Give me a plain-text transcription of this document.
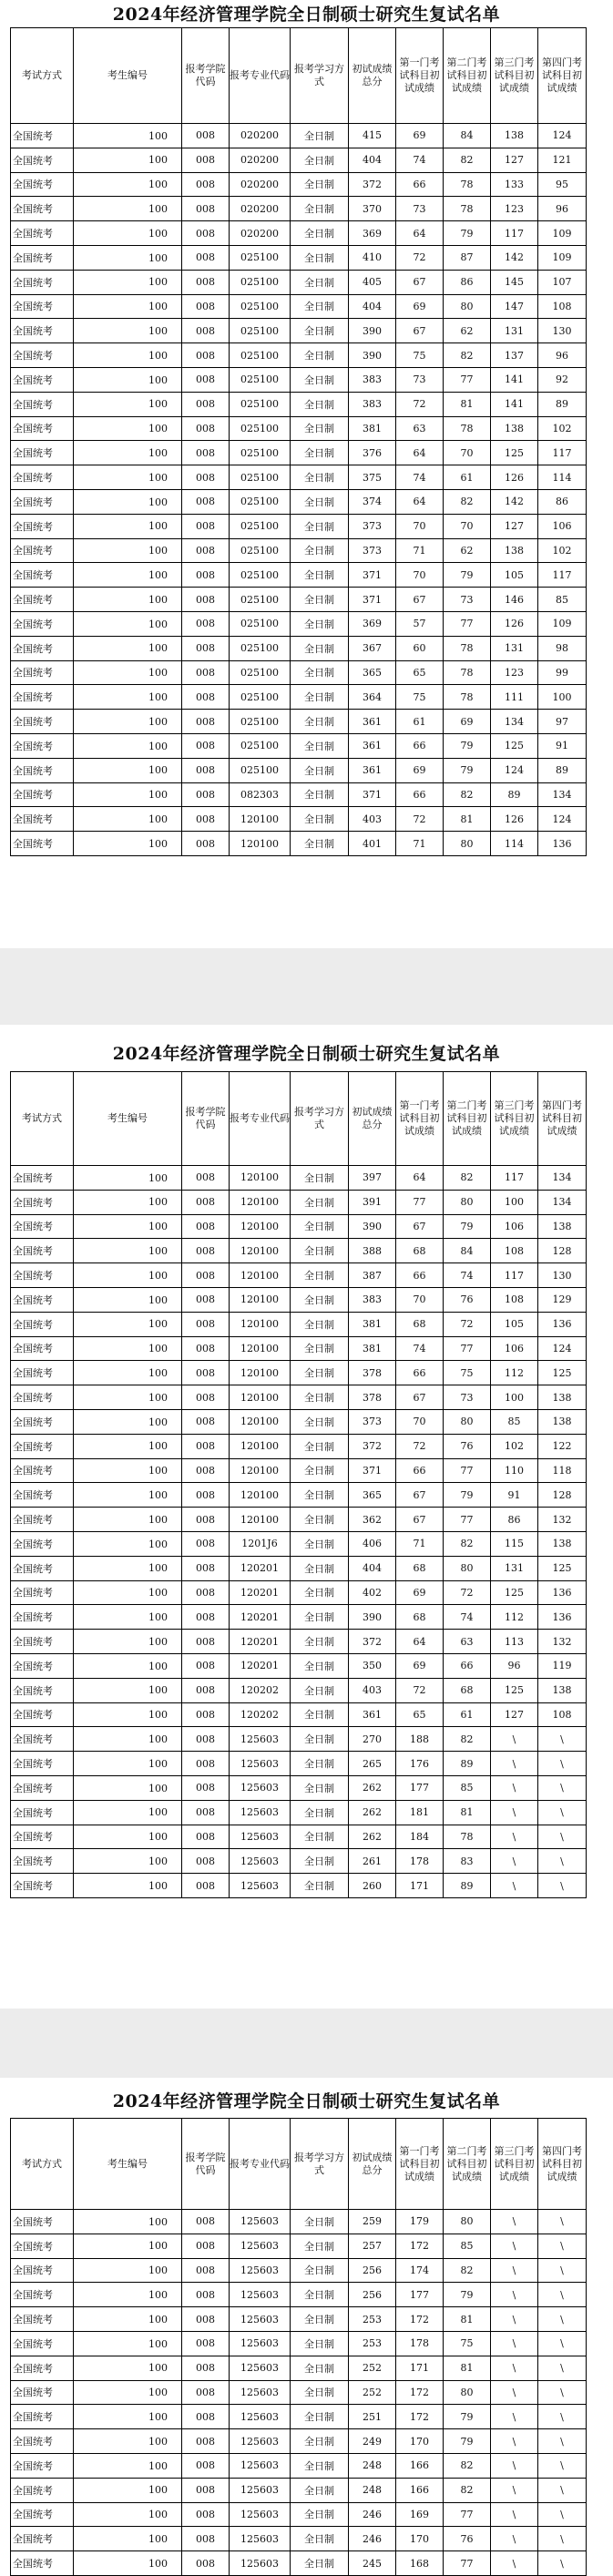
2024年经济管理学院全日制硕士研究生复试名单
考试方式	考生编号	报考学院代码	报考专业代码	报考学习方式	初试成绩总分	第一门考试科目初试成绩	第二门考试科目初试成绩	第三门考试科目初试成绩	第四门考试科目初试成绩
全国统考	100	008	020200	全日制	415	69	84	138	124
全国统考	100	008	020200	全日制	404	74	82	127	121
全国统考	100	008	020200	全日制	372	66	78	133	95
全国统考	100	008	020200	全日制	370	73	78	123	96
全国统考	100	008	020200	全日制	369	64	79	117	109
全国统考	100	008	025100	全日制	410	72	87	142	109
全国统考	100	008	025100	全日制	405	67	86	145	107
全国统考	100	008	025100	全日制	404	69	80	147	108
全国统考	100	008	025100	全日制	390	67	62	131	130
全国统考	100	008	025100	全日制	390	75	82	137	96
全国统考	100	008	025100	全日制	383	73	77	141	92
全国统考	100	008	025100	全日制	383	72	81	141	89
全国统考	100	008	025100	全日制	381	63	78	138	102
全国统考	100	008	025100	全日制	376	64	70	125	117
全国统考	100	008	025100	全日制	375	74	61	126	114
全国统考	100	008	025100	全日制	374	64	82	142	86
全国统考	100	008	025100	全日制	373	70	70	127	106
全国统考	100	008	025100	全日制	373	71	62	138	102
全国统考	100	008	025100	全日制	371	70	79	105	117
全国统考	100	008	025100	全日制	371	67	73	146	85
全国统考	100	008	025100	全日制	369	57	77	126	109
全国统考	100	008	025100	全日制	367	60	78	131	98
全国统考	100	008	025100	全日制	365	65	78	123	99
全国统考	100	008	025100	全日制	364	75	78	111	100
全国统考	100	008	025100	全日制	361	61	69	134	97
全国统考	100	008	025100	全日制	361	66	79	125	91
全国统考	100	008	025100	全日制	361	69	79	124	89
全国统考	100	008	082303	全日制	371	66	82	89	134
全国统考	100	008	120100	全日制	403	72	81	126	124
全国统考	100	008	120100	全日制	401	71	80	114	136
2024年经济管理学院全日制硕士研究生复试名单
考试方式	考生编号	报考学院代码	报考专业代码	报考学习方式	初试成绩总分	第一门考试科目初试成绩	第二门考试科目初试成绩	第三门考试科目初试成绩	第四门考试科目初试成绩
全国统考	100	008	120100	全日制	397	64	82	117	134
全国统考	100	008	120100	全日制	391	77	80	100	134
全国统考	100	008	120100	全日制	390	67	79	106	138
全国统考	100	008	120100	全日制	388	68	84	108	128
全国统考	100	008	120100	全日制	387	66	74	117	130
全国统考	100	008	120100	全日制	383	70	76	108	129
全国统考	100	008	120100	全日制	381	68	72	105	136
全国统考	100	008	120100	全日制	381	74	77	106	124
全国统考	100	008	120100	全日制	378	66	75	112	125
全国统考	100	008	120100	全日制	378	67	73	100	138
全国统考	100	008	120100	全日制	373	70	80	85	138
全国统考	100	008	120100	全日制	372	72	76	102	122
全国统考	100	008	120100	全日制	371	66	77	110	118
全国统考	100	008	120100	全日制	365	67	79	91	128
全国统考	100	008	120100	全日制	362	67	77	86	132
全国统考	100	008	1201J6	全日制	406	71	82	115	138
全国统考	100	008	120201	全日制	404	68	80	131	125
全国统考	100	008	120201	全日制	402	69	72	125	136
全国统考	100	008	120201	全日制	390	68	74	112	136
全国统考	100	008	120201	全日制	372	64	63	113	132
全国统考	100	008	120201	全日制	350	69	66	96	119
全国统考	100	008	120202	全日制	403	72	68	125	138
全国统考	100	008	120202	全日制	361	65	61	127	108
全国统考	100	008	125603	全日制	270	188	82	\	\
全国统考	100	008	125603	全日制	265	176	89	\	\
全国统考	100	008	125603	全日制	262	177	85	\	\
全国统考	100	008	125603	全日制	262	181	81	\	\
全国统考	100	008	125603	全日制	262	184	78	\	\
全国统考	100	008	125603	全日制	261	178	83	\	\
全国统考	100	008	125603	全日制	260	171	89	\	\
2024年经济管理学院全日制硕士研究生复试名单
考试方式	考生编号	报考学院代码	报考专业代码	报考学习方式	初试成绩总分	第一门考试科目初试成绩	第二门考试科目初试成绩	第三门考试科目初试成绩	第四门考试科目初试成绩
全国统考	100	008	125603	全日制	259	179	80	\	\
全国统考	100	008	125603	全日制	257	172	85	\	\
全国统考	100	008	125603	全日制	256	174	82	\	\
全国统考	100	008	125603	全日制	256	177	79	\	\
全国统考	100	008	125603	全日制	253	172	81	\	\
全国统考	100	008	125603	全日制	253	178	75	\	\
全国统考	100	008	125603	全日制	252	171	81	\	\
全国统考	100	008	125603	全日制	252	172	80	\	\
全国统考	100	008	125603	全日制	251	172	79	\	\
全国统考	100	008	125603	全日制	249	170	79	\	\
全国统考	100	008	125603	全日制	248	166	82	\	\
全国统考	100	008	125603	全日制	248	166	82	\	\
全国统考	100	008	125603	全日制	246	169	77	\	\
全国统考	100	008	125603	全日制	246	170	76	\	\
全国统考	100	008	125603	全日制	245	168	77	\	\
